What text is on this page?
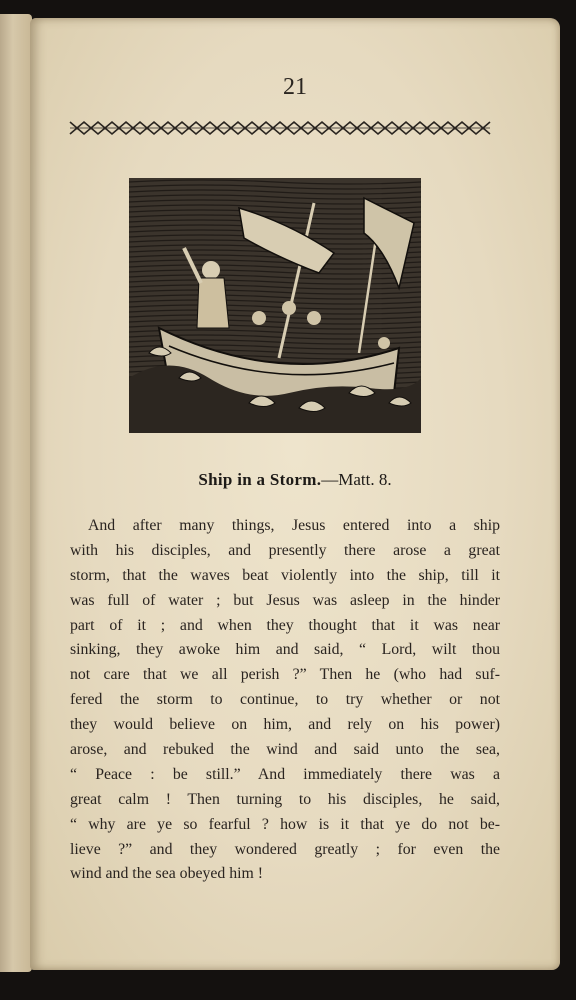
21
Ship in a Storm.—Matt. 8.
And after many things, Jesus entered into a ship
with his disciples, and presently there arose a great
storm, that the waves beat violently into the ship, till it
was full of water ; but Jesus was asleep in the hinder
part of it ; and when they thought that it was near
sinking, they awoke him and said, “ Lord, wilt thou
not care that we all perish ?” Then he (who had suf-
fered the storm to continue, to try whether or not
they would believe on him, and rely on his power)
arose, and rebuked the wind and said unto the sea,
“ Peace : be still.” And immediately there was a
great calm ! Then turning to his disciples, he said,
“ why are ye so fearful ? how is it that ye do not be-
lieve ?” and they wondered greatly ; for even the
wind and the sea obeyed him !
